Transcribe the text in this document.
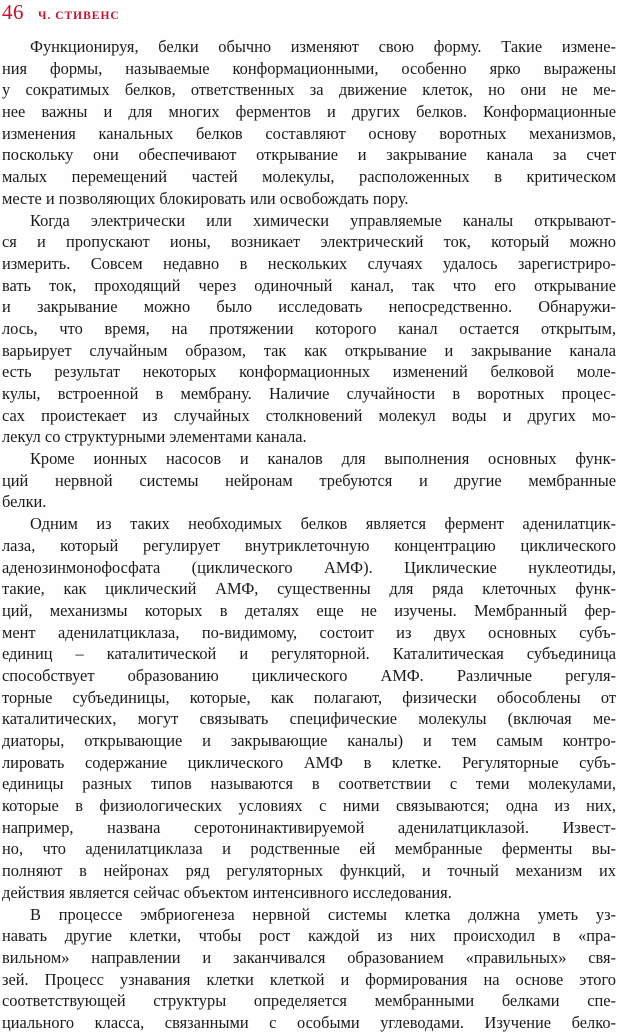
46 Ч. СТИВЕНС
Функционируя, белки обычно изменяют свою форму. Такие измене-
ния формы, называемые конформационными, особенно ярко выражены
у сократимых белков, ответственных за движение клеток, но они не ме-
нее важны и для многих ферментов и других белков. Конформационные
изменения канальных белков составляют основу воротных механизмов,
поскольку они обеспечивают открывание и закрывание канала за счет
малых перемещений частей молекулы, расположенных в критическом
месте и позволяющих блокировать или освобождать пору.
Когда электрически или химически управляемые каналы открывают-
ся и пропускают ионы, возникает электрический ток, который можно
измерить. Совсем недавно в нескольких случаях удалось зарегистриро-
вать ток, проходящий через одиночный канал, так что его открывание
и закрывание можно было исследовать непосредственно. Обнаружи-
лось, что время, на протяжении которого канал остается открытым,
варьирует случайным образом, так как открывание и закрывание канала
есть результат некоторых конформационных изменений белковой моле-
кулы, встроенной в мембрану. Наличие случайности в воротных процес-
сах проистекает из случайных столкновений молекул воды и других мо-
лекул со структурными элементами канала.
Кроме ионных насосов и каналов для выполнения основных функ-
ций нервной системы нейронам требуются и другие мембранные
белки.
Одним из таких необходимых белков является фермент аденилатцик-
лаза, который регулирует внутриклеточную концентрацию циклического
аденозинмонофосфата (циклического АМФ). Циклические нуклеотиды,
такие, как циклический АМФ, существенны для ряда клеточных функ-
ций, механизмы которых в деталях еще не изучены. Мембранный фер-
мент аденилатциклаза, по-видимому, состоит из двух основных субъ-
единиц – каталитической и регуляторной. Каталитическая субъединица
способствует образованию циклического АМФ. Различные регуля-
торные субъединицы, которые, как полагают, физически обособлены от
каталитических, могут связывать специфические молекулы (включая ме-
диаторы, открывающие и закрывающие каналы) и тем самым контро-
лировать содержание циклического АМФ в клетке. Регуляторные субъ-
единицы разных типов называются в соответствии с теми молекулами,
которые в физиологических условиях с ними связываются; одна из них,
например, названа серотонинактивируемой аденилатциклазой. Извест-
но, что аденилатциклаза и родственные ей мембранные ферменты вы-
полняют в нейронах ряд регуляторных функций, и точный механизм их
действия является сейчас объектом интенсивного исследования.
В процессе эмбриогенеза нервной системы клетка должна уметь уз-
навать другие клетки, чтобы рост каждой из них происходил в «пра-
вильном» направлении и заканчивался образованием «правильных» свя-
зей. Процесс узнавания клетки клеткой и формирования на основе этого
соответствующей структуры определяется мембранными белками спе-
циального класса, связанными с особыми углеводами. Изучение белко-
